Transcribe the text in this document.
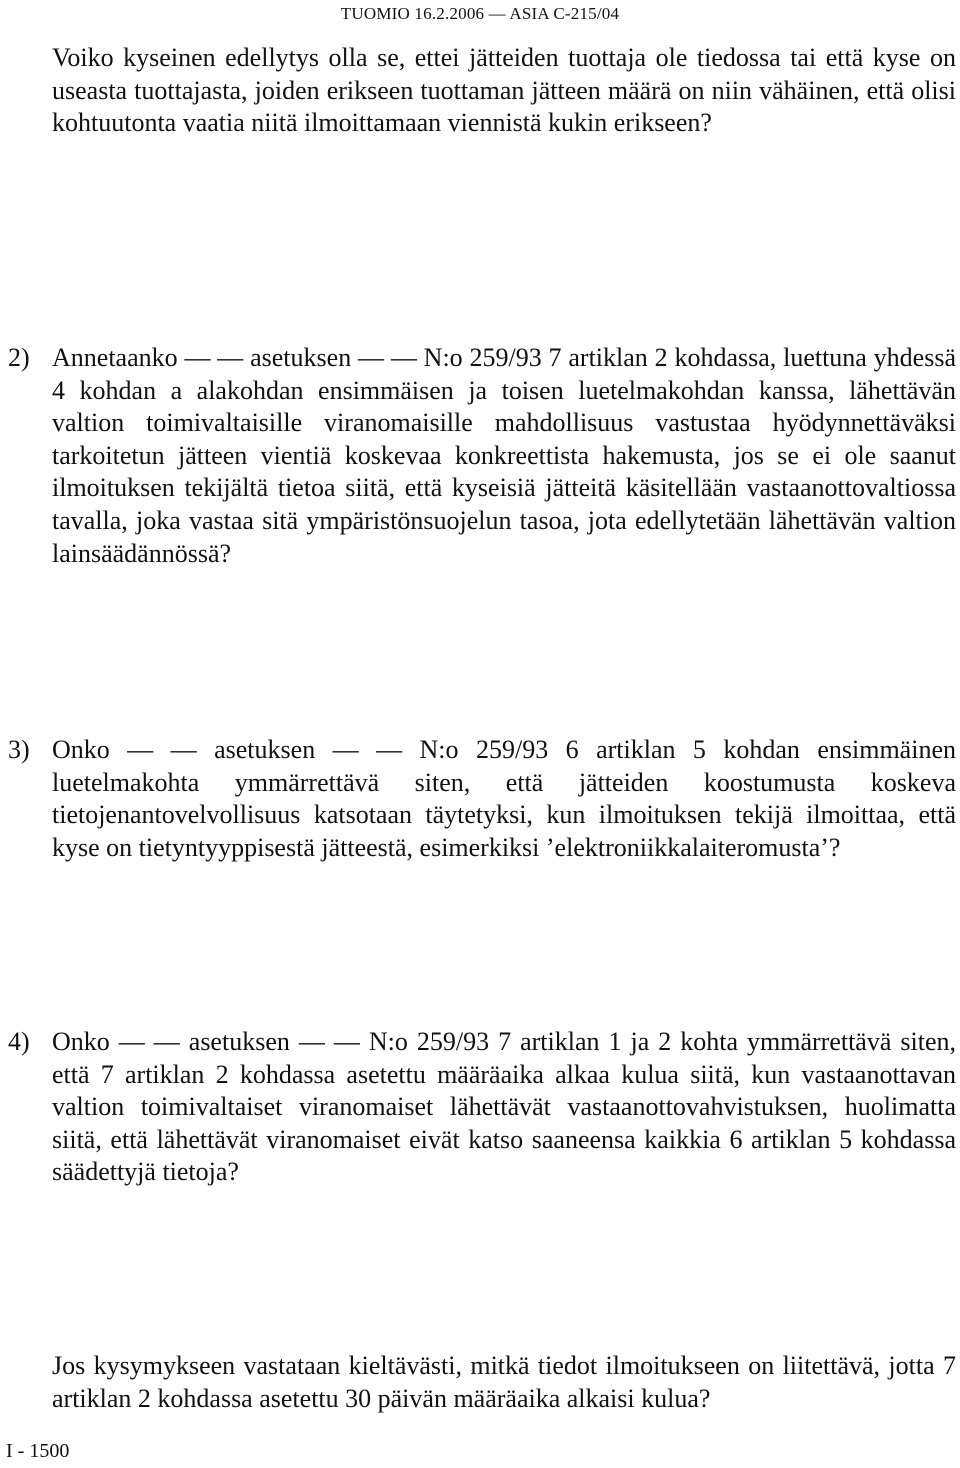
TUOMIO 16.2.2006 — ASIA C-215/04

Voiko kyseinen edellytys olla se, ettei jätteiden tuottaja ole tiedossa tai että kyse on useasta tuottajasta, joiden erikseen tuottaman jätteen määrä on niin vähäinen, että olisi kohtuutonta vaatia niitä ilmoittamaan viennistä kukin erikseen?

2) Annetaanko — — asetuksen — — N:o 259/93 7 artiklan 2 kohdassa, luettuna yhdessä 4 kohdan a alakohdan ensimmäisen ja toisen luetelmakohdan kanssa, lähettävän valtion toimivaltaisille viranomaisille mahdollisuus vastustaa hyödynnettäväksi tarkoitetun jätteen vientiä koskevaa konkreettista hakemusta, jos se ei ole saanut ilmoituksen tekijältä tietoa siitä, että kyseisiä jätteitä käsitellään vastaanottovaltiossa tavalla, joka vastaa sitä ympäristönsuojelun tasoa, jota edellytetään lähettävän valtion lainsäädännössä?
3) Onko — — asetuksen — — N:o 259/93 6 artiklan 5 kohdan ensimmäinen luetelmakohta ymmärrettävä siten, että jätteiden koostumusta koskeva tietojenantovelvollisuus katsotaan täytetyksi, kun ilmoituksen tekijä ilmoittaa, että kyse on tietyntyyppisestä jätteestä, esimerkiksi ’elektroniikkalaiteromusta’?
4) Onko — — asetuksen — — N:o 259/93 7 artiklan 1 ja 2 kohta ymmärrettävä siten, että 7 artiklan 2 kohdassa asetettu määräaika alkaa kulua siitä, kun vastaanottavan valtion toimivaltaiset viranomaiset lähettävät vastaanottovahvistuksen, huolimatta siitä, että lähettävät viranomaiset eivät katso saaneensa kaikkia 6 artiklan 5 kohdassa säädettyjä tietoja?

Jos kysymykseen vastataan kieltävästi, mitkä tiedot ilmoitukseen on liitettävä, jotta 7 artiklan 2 kohdassa asetettu 30 päivän määräaika alkaisi kulua?

I - 1500
